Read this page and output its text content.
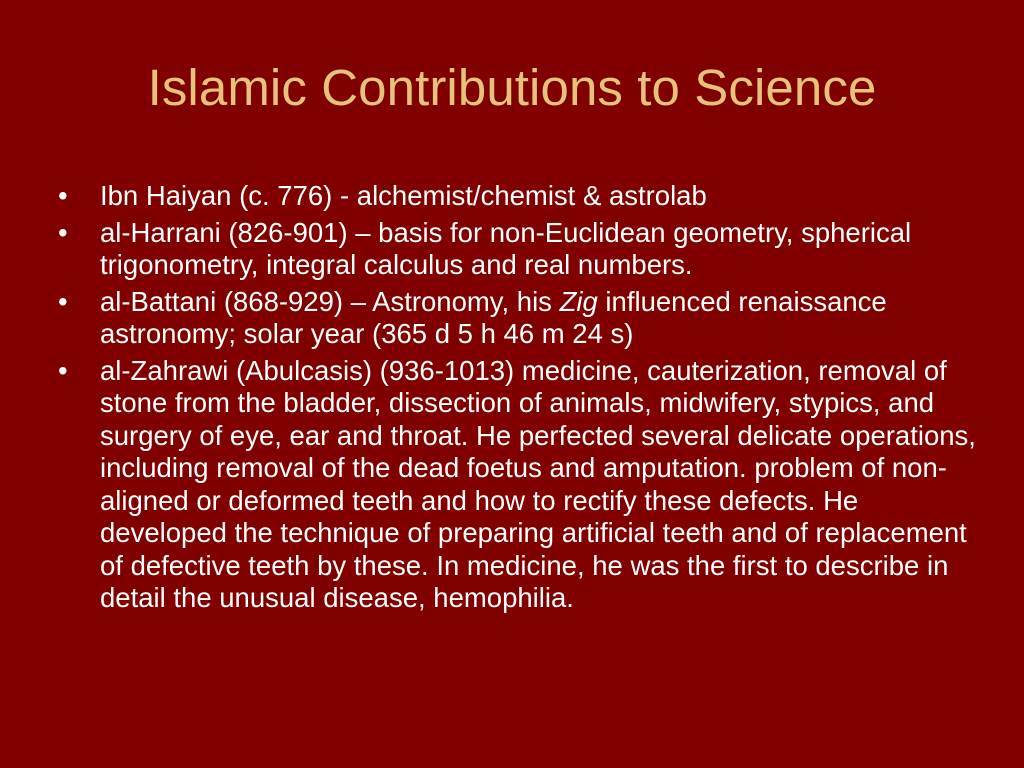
Islamic Contributions to Science
•	Ibn Haiyan (c. 776) - alchemist/chemist & astrolab
•	al-Harrani (826-901) – basis for non-Euclidean geometry, spherical trigonometry, integral calculus and real numbers.
•	al-Battani (868-929) – Astronomy, his Zig influenced renaissance astronomy; solar year (365 d 5 h 46 m 24 s)
•	al-Zahrawi (Abulcasis) (936-1013) medicine, cauterization, removal of stone from the bladder, dissection of animals, midwifery, stypics, and surgery of eye, ear and throat. He perfected several delicate operations, including removal of the dead foetus and amputation. problem of non-aligned or deformed teeth and how to rectify these defects. He developed the technique of preparing artificial teeth and of replacement of defective teeth by these. In medicine, he was the first to describe in detail the unusual disease, hemophilia.
